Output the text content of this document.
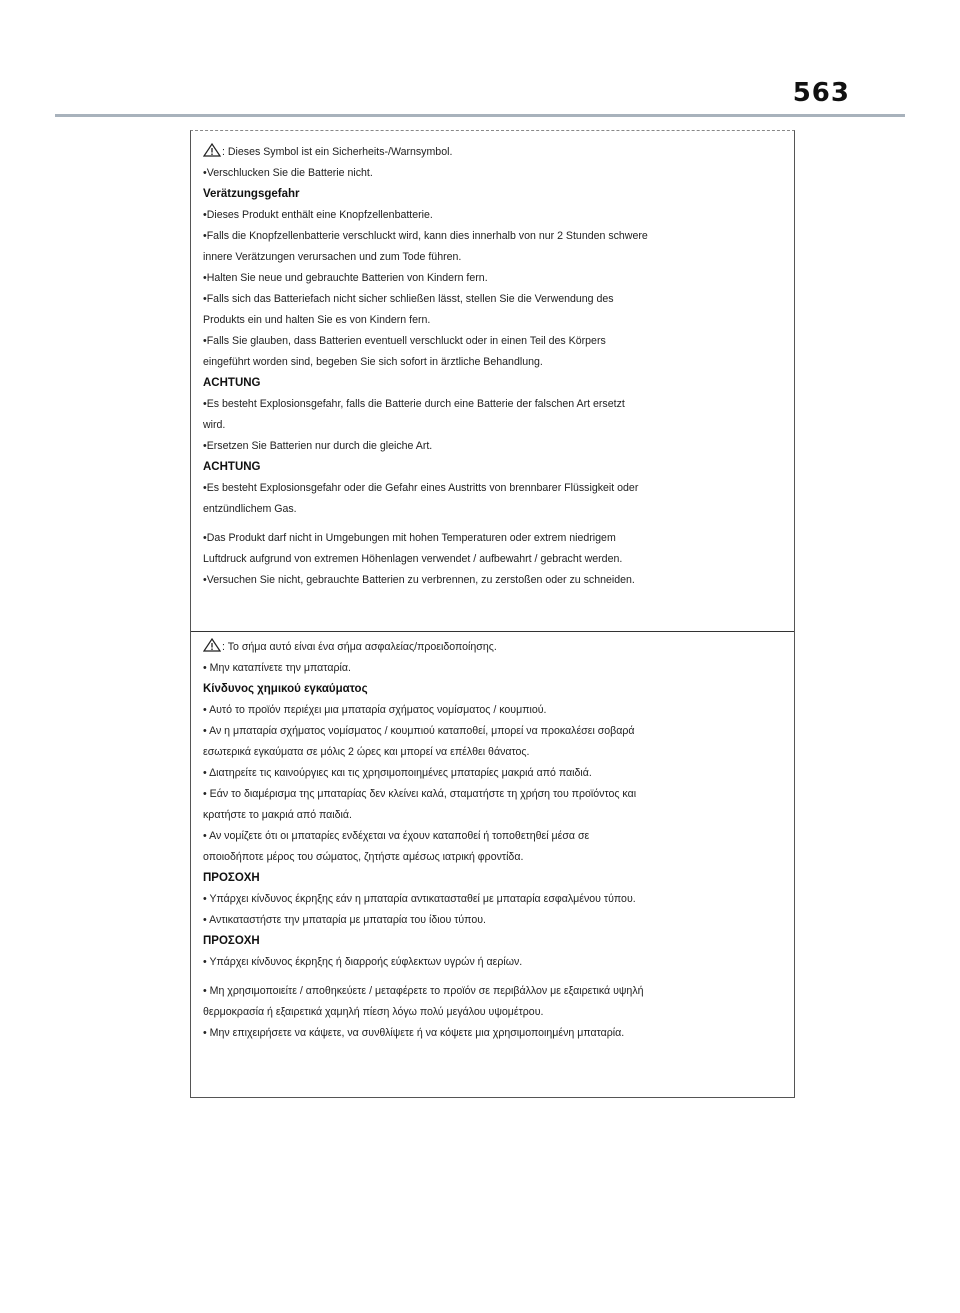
563
: Dieses Symbol ist ein Sicherheits-/Warnsymbol.
•Verschlucken Sie die Batterie nicht.
Verätzungsgefahr
•Dieses Produkt enthält eine Knopfzellenbatterie.
•Falls die Knopfzellenbatterie verschluckt wird, kann dies innerhalb von nur 2 Stunden schwere
innere Verätzungen verursachen und zum Tode führen.
•Halten Sie neue und gebrauchte Batterien von Kindern fern.
•Falls sich das Batteriefach nicht sicher schließen lässt, stellen Sie die Verwendung des
Produkts ein und halten Sie es von Kindern fern.
•Falls Sie glauben, dass Batterien eventuell verschluckt oder in einen Teil des Körpers
eingeführt worden sind, begeben Sie sich sofort in ärztliche Behandlung.
ACHTUNG
•Es besteht Explosionsgefahr, falls die Batterie durch eine Batterie der falschen Art ersetzt
wird.
•Ersetzen Sie Batterien nur durch die gleiche Art.
ACHTUNG
•Es besteht Explosionsgefahr oder die Gefahr eines Austritts von brennbarer Flüssigkeit oder
entzündlichem Gas.
•Das Produkt darf nicht in Umgebungen mit hohen Temperaturen oder extrem niedrigem
Luftdruck aufgrund von extremen Höhenlagen verwendet / aufbewahrt / gebracht werden.
•Versuchen Sie nicht, gebrauchte Batterien zu verbrennen, zu zerstoßen oder zu schneiden.
: Το σήμα αυτό είναι ένα σήμα ασφαλείας/προειδοποίησης.
• Μην καταπίνετε την μπαταρία.
Κίνδυνος χημικού εγκαύματος
• Αυτό το προϊόν περιέχει μια μπαταρία σχήματος νομίσματος / κουμπιού.
• Αν η μπαταρία σχήματος νομίσματος / κουμπιού καταποθεί, μπορεί να προκαλέσει σοβαρά
εσωτερικά εγκαύματα σε μόλις 2 ώρες και μπορεί να επέλθει θάνατος.
• Διατηρείτε τις καινούργιες και τις χρησιμοποιημένες μπαταρίες μακριά από παιδιά.
• Εάν το διαμέρισμα της μπαταρίας δεν κλείνει καλά, σταματήστε τη χρήση του προϊόντος και
κρατήστε το μακριά από παιδιά.
• Αν νομίζετε ότι οι μπαταρίες ενδέχεται να έχουν καταποθεί ή τοποθετηθεί μέσα σε
οποιοδήποτε μέρος του σώματος, ζητήστε αμέσως ιατρική φροντίδα.
ΠΡΟΣΟΧΗ
• Υπάρχει κίνδυνος έκρηξης εάν η μπαταρία αντικατασταθεί με μπαταρία εσφαλμένου τύπου.
• Αντικαταστήστε την μπαταρία με μπαταρία του ίδιου τύπου.
ΠΡΟΣΟΧΗ
• Υπάρχει κίνδυνος έκρηξης ή διαρροής εύφλεκτων υγρών ή αερίων.
• Μη χρησιμοποιείτε / αποθηκεύετε / μεταφέρετε το προϊόν σε περιβάλλον με εξαιρετικά υψηλή
θερμοκρασία ή εξαιρετικά χαμηλή πίεση λόγω πολύ μεγάλου υψομέτρου.
• Μην επιχειρήσετε να κάψετε, να συνθλίψετε ή να κόψετε μια χρησιμοποιημένη μπαταρία.
